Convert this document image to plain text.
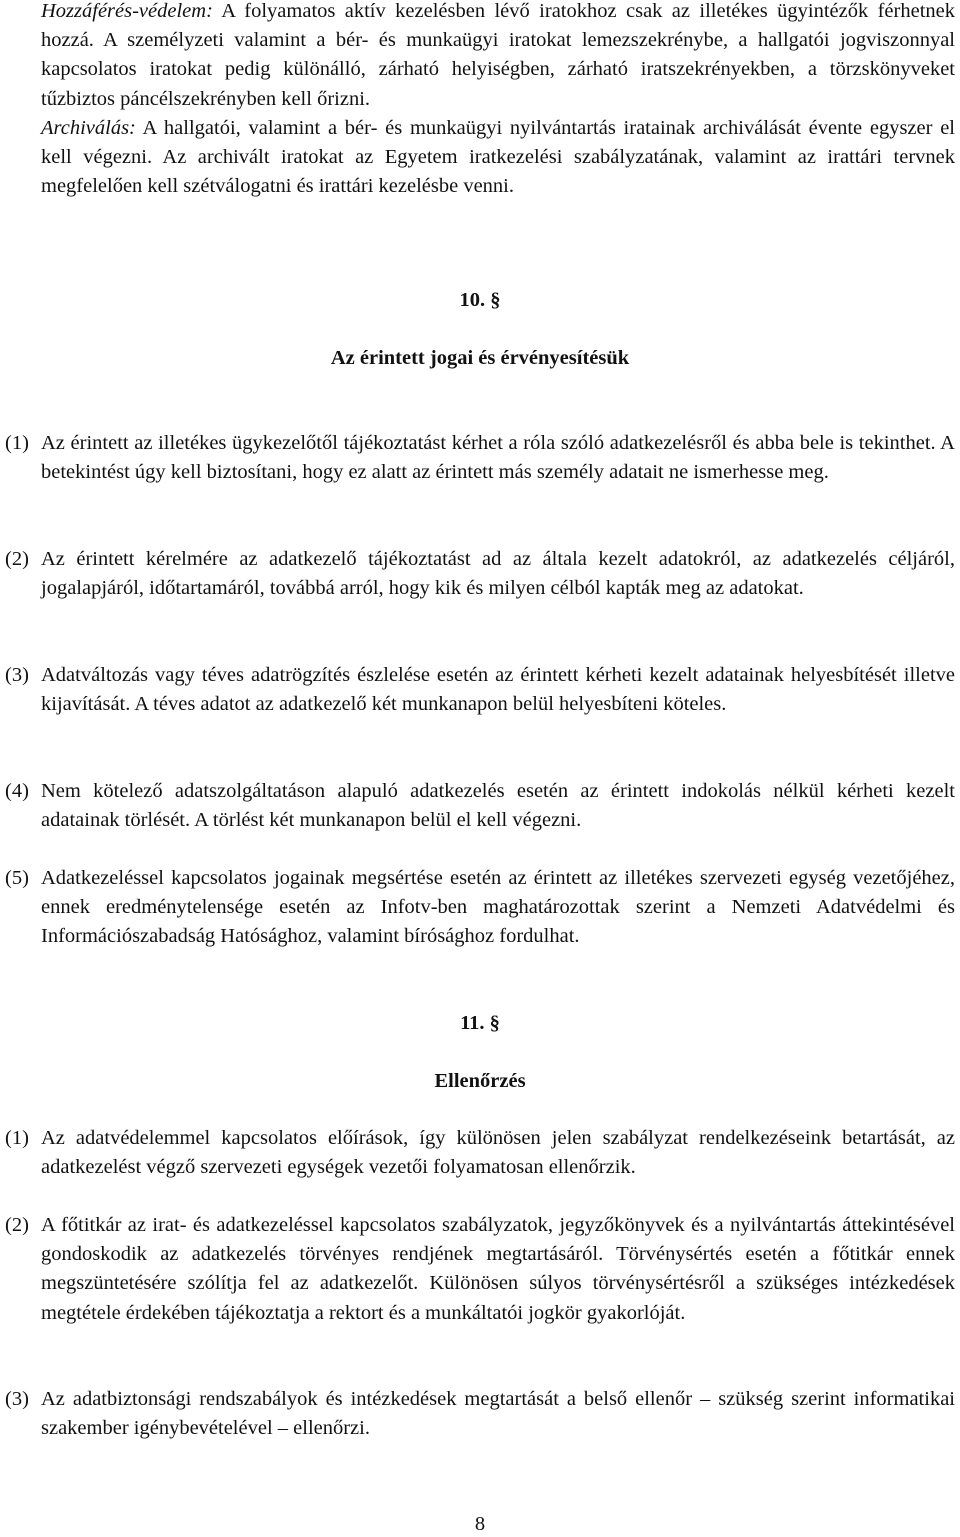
Hozzáférés-védelem: A folyamatos aktív kezelésben lévő iratokhoz csak az illetékes ügyintézők férhetnek hozzá. A személyzeti valamint a bér- és munkaügyi iratokat lemezszekrénybe, a hallgatói jogviszonnyal kapcsolatos iratokat pedig különálló, zárható helyiségben, zárható iratszekrényekben, a törzskönyveket tűzbiztos páncélszekrényben kell őrizni.

Archiválás: A hallgatói, valamint a bér- és munkaügyi nyilvántartás iratainak archiválását évente egyszer el kell végezni. Az archivált iratokat az Egyetem iratkezelési szabályzatának, valamint az irattári tervnek megfelelően kell szétválogatni és irattári kezelésbe venni.

10. §
Az érintett jogai és érvényesítésük
(1) Az érintett az illetékes ügykezelőtől tájékoztatást kérhet a róla szóló adatkezelésről és abba bele is tekinthet. A betekintést úgy kell biztosítani, hogy ez alatt az érintett más személy adatait ne ismerhesse meg.
(2) Az érintett kérelmére az adatkezelő tájékoztatást ad az általa kezelt adatokról, az adatkezelés céljáról, jogalapjáról, időtartamáról, továbbá arról, hogy kik és milyen célból kapták meg az adatokat.
(3) Adatváltozás vagy téves adatrögzítés észlelése esetén az érintett kérheti kezelt adatainak helyesbítését illetve kijavítását. A téves adatot az adatkezelő két munkanapon belül helyesbíteni köteles.
(4) Nem kötelező adatszolgáltatáson alapuló adatkezelés esetén az érintett indokolás nélkül kérheti kezelt adatainak törlését. A törlést két munkanapon belül el kell végezni.
(5) Adatkezeléssel kapcsolatos jogainak megsértése esetén az érintett az illetékes szervezeti egység vezetőjéhez, ennek eredménytelensége esetén az Infotv-ben maghatározottak szerint a Nemzeti Adatvédelmi és Információszabadság Hatósághoz, valamint bírósághoz fordulhat.
11. §
Ellenőrzés
(1) Az adatvédelemmel kapcsolatos előírások, így különösen jelen szabályzat rendelkezéseink betartását, az adatkezelést végző szervezeti egységek vezetői folyamatosan ellenőrzik.
(2) A főtitkár az irat- és adatkezeléssel kapcsolatos szabályzatok, jegyzőkönyvek és a nyilvántartás áttekintésével gondoskodik az adatkezelés törvényes rendjének megtartásáról. Törvénysértés esetén a főtitkár ennek megszüntetésére szólítja fel az adatkezelőt. Különösen súlyos törvénysértésről a szükséges intézkedések megtétele érdekében tájékoztatja a rektort és a munkáltatói jogkör gyakorlóját.
(3) Az adatbiztonsági rendszabályok és intézkedések megtartását a belső ellenőr – szükség szerint informatikai szakember igénybevételével – ellenőrzi.
8
